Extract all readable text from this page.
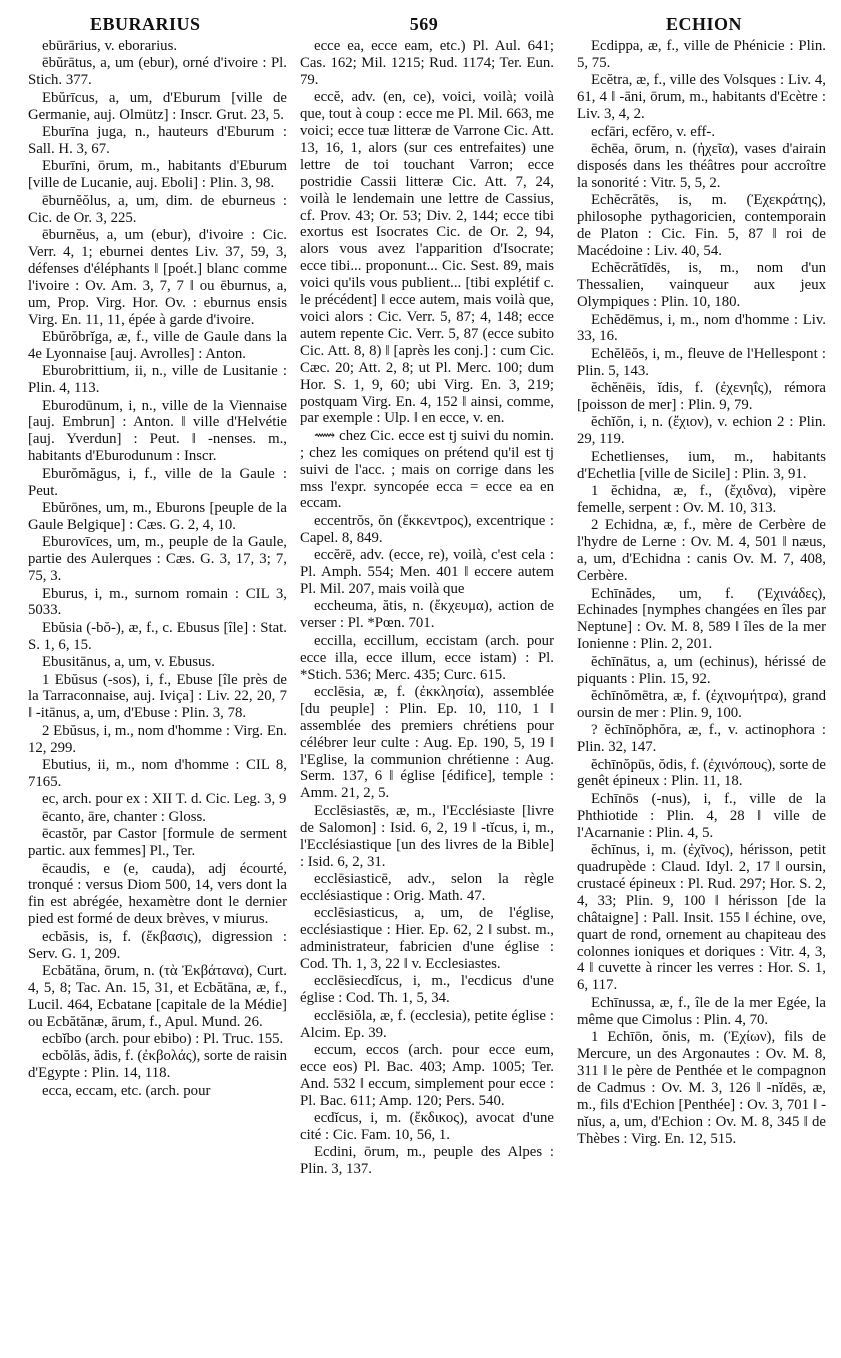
EBURARIUS	569	ECHION

ebūrārius, v. eborarius.

ēbŭrātus, a, um (ebur), orné d'ivoire : Pl. Stich. 377.

Ebŭrīcus, a, um, d'Eburum [ville de Germanie, auj. Olmütz] : Inscr. Grut. 23, 5.

Eburīna juga, n., hauteurs d'Eburum : Sall. H. 3, 67.

Eburīni, ōrum, m., habitants d'Eburum [ville de Lucanie, auj. Eboli] : Plin. 3, 98.

ēburnĕŏlus, a, um, dim. de eburneus : Cic. de Or. 3, 225.

ēburnĕus, a, um (ebur), d'ivoire : Cic. Verr. 4, 1; eburnei dentes Liv. 37, 59, 3, défenses d'éléphants ‖ [poét.] blanc comme l'ivoire : Ov. Am. 3, 7, 7 ‖ ou ēburnus, a, um, Prop. Virg. Hor. Ov. : eburnus ensis Virg. En. 11, 11, épée à garde d'ivoire.

Ebŭrŏbrĭga, æ, f., ville de Gaule dans la 4e Lyonnaise [auj. Avrolles] : Anton.

Eburobrittium, ii, n., ville de Lusitanie : Plin. 4, 113.

Eburodūnum, i, n., ville de la Viennaise [auj. Embrun] : Anton. ‖ ville d'Helvétie [auj. Yverdun] : Peut. ‖ -nenses. m., habitants d'Eburodunum : Inscr.

Eburŏmăgus, i, f., ville de la Gaule : Peut.

Ebŭrōnes, um, m., Eburons [peuple de la Gaule Belgique] : Cæs. G. 2, 4, 10.

Eburovīces, um, m., peuple de la Gaule, partie des Aulerques : Cæs. G. 3, 17, 3; 7, 75, 3.

Eburus, i, m., surnom romain : CIL 3, 5033.

Ebŭsia (-bŏ-), æ, f., c. Ebusus [île] : Stat. S. 1, 6, 15.

Ebusitānus, a, um, v. Ebusus.

1 Ebŭsus (-sos), i, f., Ebuse [île près de la Tarraconnaise, auj. Iviça] : Liv. 22, 20, 7 ‖ -itānus, a, um, d'Ebuse : Plin. 3, 78.

2 Ebŭsus, i, m., nom d'homme : Virg. En. 12, 299.

Ebutius, ii, m., nom d'homme : CIL 8, 7165.

ec, arch. pour ex : XII T. d. Cic. Leg. 3, 9

ēcanto, āre, chanter : Gloss.

ēcastŏr, par Castor [formule de serment partic. aux femmes] Pl., Ter.

ēcaudis, e (e, cauda), adj écourté, tronqué : versus Diom 500, 14, vers dont la fin est abrégée, hexamètre dont le dernier pied est formé de deux brèves, v miurus.

ecbăsis, is, f. (ἔκβασις), digression : Serv. G. 1, 209.

Ecbătăna, ōrum, n. (τὰ Ἐκβάτανα), Curt. 4, 5, 8; Tac. An. 15, 31, et Ecbătāna, æ, f., Lucil. 464, Ecbatane [capitale de la Médie] ou Ecbătănæ, ārum, f., Apul. Mund. 26.

ecbĭbo (arch. pour ebibo) : Pl. Truc. 155.

ecbŏlăs, ădis, f. (ἐκβολάς), sorte de raisin d'Egypte : Plin. 14, 118.

ecca, eccam, etc. (arch. pour

ecce ea, ecce eam, etc.) Pl. Aul. 641; Cas. 162; Mil. 1215; Rud. 1174; Ter. Eun. 79.

eccĕ, adv. (en, ce), voici, voilà; voilà que, tout à coup : ecce me Pl. Mil. 663, me voici; ecce tuæ litteræ de Varrone Cic. Att. 13, 16, 1, alors (sur ces entrefaites) une lettre de toi touchant Varron; ecce postridie Cassii litteræ Cic. Att. 7, 24, voilà le lendemain une lettre de Cassius, cf. Prov. 43; Or. 53; Div. 2, 144; ecce tibi exortus est Isocrates Cic. de Or. 2, 94, alors vous avez l'apparition d'Isocrate; ecce tibi... proponunt... Cic. Sest. 89, mais voici qu'ils vous publient... [tibi explétif c. le précédent] ‖ ecce autem, mais voilà que, voici alors : Cic. Verr. 5, 87; 4, 148; ecce autem repente Cic. Verr. 5, 87 (ecce subito Cic. Att. 8, 8) ‖ [après les conj.] : cum Cic. Cæc. 20; Att. 2, 8; ut Pl. Merc. 100; dum Hor. S. 1, 9, 60; ubi Virg. En. 3, 219; postquam Virg. En. 4, 152 ‖ ainsi, comme, par exemple : Ulp. ‖ en ecce, v. en.

⟿ chez Cic. ecce est tj suivi du nomin. ; chez les comiques on prétend qu'il est tj suivi de l'acc. ; mais on corrige dans les mss l'expr. syncopée ecca = ecce ea en eccam.

eccentrŏs, ŏn (ἔκκεντρος), excentrique : Capel. 8, 849.

eccĕrē, adv. (ecce, re), voilà, c'est cela : Pl. Amph. 554; Men. 401 ‖ eccere autem Pl. Mil. 207, mais voilà que

eccheuma, ătis, n. (ἔκχευμα), action de verser : Pl. *Pœn. 701.

eccilla, eccillum, eccistam (arch. pour ecce illa, ecce illum, ecce istam) : Pl. *Stich. 536; Merc. 435; Curc. 615.

ecclēsia, æ, f. (ἐκκλησία), assemblée [du peuple] : Plin. Ep. 10, 110, 1 ‖ assemblée des premiers chrétiens pour célébrer leur culte : Aug. Ep. 190, 5, 19 ‖ l'Eglise, la communion chrétienne : Aug. Serm. 137, 6 ‖ église [édifice], temple : Amm. 21, 2, 5.

Ecclēsiastēs, æ, m., l'Ecclésiaste [livre de Salomon] : Isid. 6, 2, 19 ‖ -tĭcus, i, m., l'Ecclésiastique [un des livres de la Bible] : Isid. 6, 2, 31.

ecclēsiasticē, adv., selon la règle ecclésiastique : Orig. Math. 47.

ecclēsiasticus, a, um, de l'église, ecclésiastique : Hier. Ep. 62, 2 ‖ subst. m., administrateur, fabricien d'une église : Cod. Th. 1, 3, 22 ‖ v. Ecclesiastes.

ecclēsiecdĭcus, i, m., l'ecdicus d'une église : Cod. Th. 1, 5, 34.

ecclēsiŏla, æ, f. (ecclesia), petite église : Alcim. Ep. 39.

eccum, eccos (arch. pour ecce eum, ecce eos) Pl. Bac. 403; Amp. 1005; Ter. And. 532 ‖ eccum, simplement pour ecce : Pl. Bac. 611; Amp. 120; Pers. 540.

ecdĭcus, i, m. (ἔκδικος), avocat d'une cité : Cic. Fam. 10, 56, 1.

Ecdini, ōrum, m., peuple des Alpes : Plin. 3, 137.

Ecdippa, æ, f., ville de Phénicie : Plin. 5, 75.

Ecĕtra, æ, f., ville des Volsques : Liv. 4, 61, 4 ‖ -āni, ōrum, m., habitants d'Ecètre : Liv. 3, 4, 2.

ecfāri, ecfĕro, v. eff-.

ēchēa, ōrum, n. (ἠχεῖα), vases d'airain disposés dans les théâtres pour accroître la sonorité : Vitr. 5, 5, 2.

Echĕcrătēs, is, m. (Ἐχεκράτης), philosophe pythagoricien, contemporain de Platon : Cic. Fin. 5, 87 ‖ roi de Macédoine : Liv. 40, 54.

Echĕcrătīdēs, is, m., nom d'un Thessalien, vainqueur aux jeux Olympiques : Plin. 10, 180.

Echĕdēmus, i, m., nom d'homme : Liv. 33, 16.

Echĕlēŏs, i, m., fleuve de l'Hellespont : Plin. 5, 143.

ĕchĕnēis, ĭdis, f. (ἐχενηΐς), rémora [poisson de mer] : Plin. 9, 79.

ĕchĭŏn, i, n. (ἔχιον), v. echion 2 : Plin. 29, 119.

Echetlienses, ium, m., habitants d'Echetlia [ville de Sicile] : Plin. 3, 91.

1 ĕchidna, æ, f., (ἔχιδνα), vipère femelle, serpent : Ov. M. 10, 313.

2 Echidna, æ, f., mère de Cerbère de l'hydre de Lerne : Ov. M. 4, 501 ‖ næus, a, um, d'Echidna : canis Ov. M. 7, 408, Cerbère.

Echīnădes, um, f. (Ἐχινάδες), Echinades [nymphes changées en îles par Neptune] : Ov. M. 8, 589 ‖ îles de la mer Ionienne : Plin. 2, 201.

ĕchīnātus, a, um (echinus), hérissé de piquants : Plin. 15, 92.

ĕchīnŏmētra, æ, f. (ἐχινομήτρα), grand oursin de mer : Plin. 9, 100.

? ĕchīnŏphŏra, æ, f., v. actinophora : Plin. 32, 147.

ĕchīnŏpūs, ŏdis, f. (ἐχινόπους), sorte de genêt épineux : Plin. 11, 18.

Echīnōs (-nus), i, f., ville de la Phthiotide : Plin. 4, 28 ‖ ville de l'Acarnanie : Plin. 4, 5.

ĕchīnus, i, m. (ἐχῖνος), hérisson, petit quadrupède : Claud. Idyl. 2, 17 ‖ oursin, crustacé épineux : Pl. Rud. 297; Hor. S. 2, 4, 33; Plin. 9, 100 ‖ hérisson [de la châtaigne] : Pall. Insit. 155 ‖ échine, ove, quart de rond, ornement au chapiteau des colonnes ioniques et doriques : Vitr. 4, 3, 4 ‖ cuvette à rincer les verres : Hor. S. 1, 6, 117.

Echīnussa, æ, f., île de la mer Egée, la même que Cimolus : Plin. 4, 70.

1 Echīōn, ŏnis, m. (Ἐχίων), fils de Mercure, un des Argonautes : Ov. M. 8, 311 ‖ le père de Penthée et le compagnon de Cadmus : Ov. M. 3, 126 ‖ -nĭdēs, æ, m., fils d'Echion [Penthée] : Ov. 3, 701 ‖ -nĭus, a, um, d'Echion : Ov. M. 8, 345 ‖ de Thèbes : Virg. En. 12, 515.
